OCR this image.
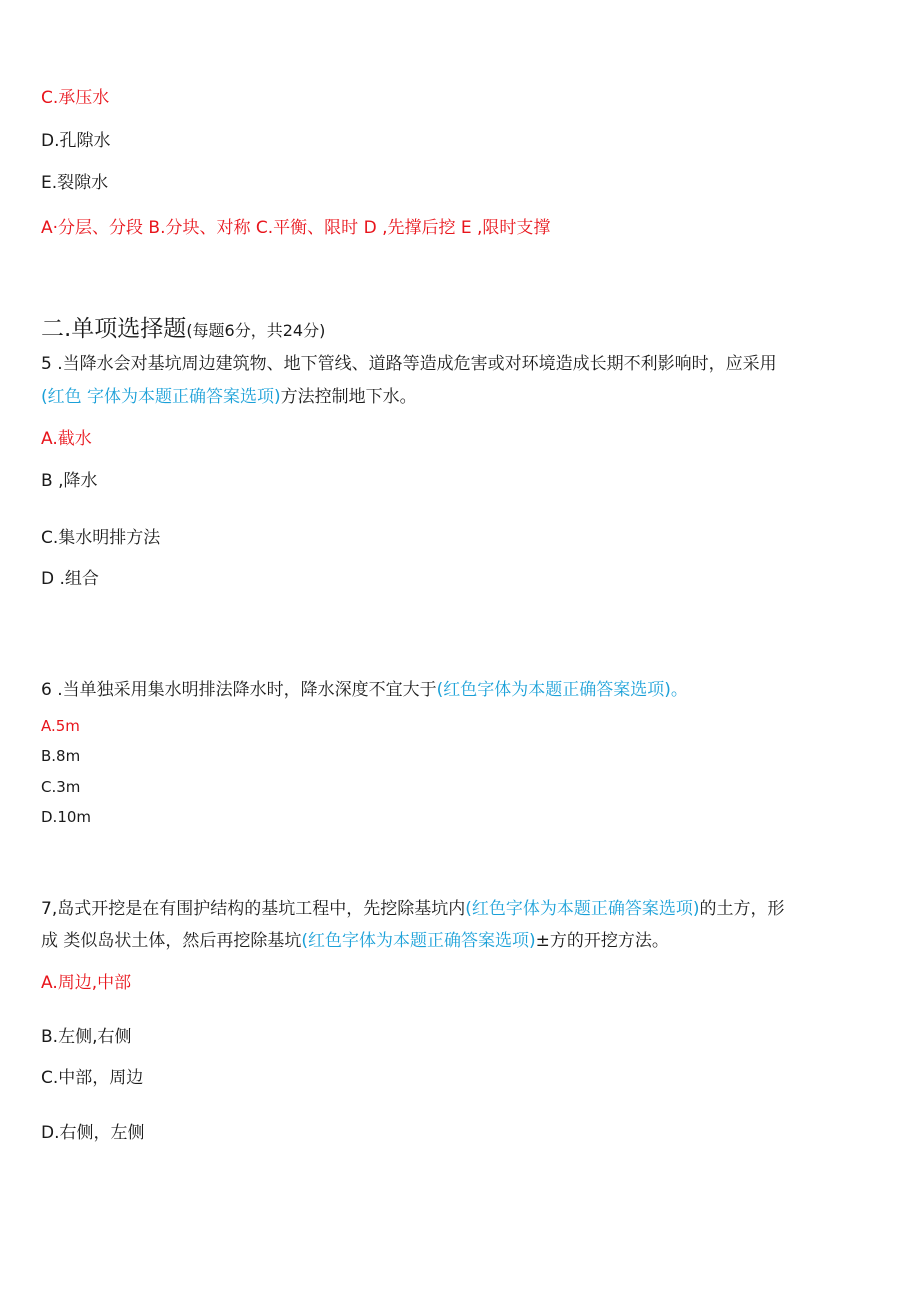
C.承压水
D.孔隙水
E.裂隙水
A·分层、分段 B.分块、对称 C.平衡、限时 D ,先撑后挖 E ,限时支撑
二.单项选择题(每题6分，共24分)
5 .当降水会对基坑周边建筑物、地下管线、道路等造成危害或对环境造成长期不利影响时，应采用
(红色 字体为本题正确答案选项)方法控制地下水。
A.截水
B ,降水
C.集水明排方法
D .组合
6 .当单独采用集水明排法降水时，降水深度不宜大于(红色字体为本题正确答案选项)。
A.5m
B.8m
C.3m
D.10m
7,岛式开挖是在有围护结构的基坑工程中，先挖除基坑内(红色字体为本题正确答案选项)的土方，形
成 类似岛状土体，然后再挖除基坑(红色字体为本题正确答案选项)±方的开挖方法。
A.周边,中部
B.左侧,右侧
C.中部，周边
D.右侧，左侧
